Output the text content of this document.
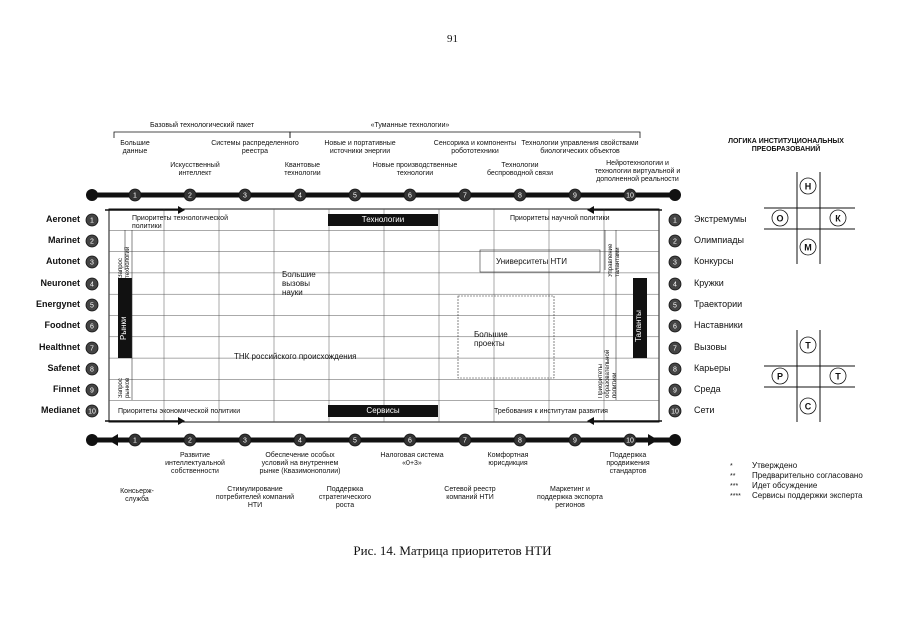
91
1	2	3	4	5	6	7	8	9	10
1	2	3	4	5	6	7	8	9	10
1
2
3
4
5
6
7
8
9
10
1
2
3
4
5
6
7
8
9
10
Н
О	К
М
Т
Р	Т
С
Базовый технологический пакет	«Туманные технологии»
Большие
данные
Искусственный
интеллект
Системы распределенного
реестра
Квантовые
технологии
Новые и портативные
источники энергии
Новые производственные
технологии
Сенсорика и компоненты
робототехники
Технологии
беспроводной связи
Технологии управления свойствами
биологических объектов
Нейротехнологии и
технологии виртуальной и
дополненной реальности
Aeronet
Marinet
Autonet
Neuronet
Energynet
Foodnet
Healthnet
Safenet
Finnet
Medianet
Экстремумы
Олимпиады
Конкурсы
Кружки
Траектории
Наставники
Вызовы
Карьеры
Среда
Сети
Консьерж-
служба
Развитие
интеллектуальной
собственности
Стимулирование
потребителей компаний
НТИ
Обеспечение особых
условий на внутреннем
рынке (Квазимонополии)
Поддержка
стратегического
роста
Налоговая система
«0+3»
Сетевой реестр
компаний НТИ
Комфортная
юрисдикция
Маркетинг и
поддержка экспорта
регионов
Поддержка
продвижения
стандартов
Приоритеты технологической
политики
Технологии	Приоритеты научной политики
Запрос
технологий	Университеты НТИ	Управление
талантами
Большие
вызовы
науки
Рынки	Таланты
Большие
проекты
ТНК российского происхождения
Запрос
рынков	Приоритеты
образовательной
политики
Приоритеты экономической политики	Сервисы	Требования к институтам развития
ЛОГИКА ИНСТИТУЦИОНАЛЬНЫХ
ПРЕОБРАЗОВАНИЙ
* Утверждено
** Предварительно согласовано
*** Идет обсуждение
**** Сервисы поддержки эксперта
Рис. 14. Матрица приоритетов НТИ
